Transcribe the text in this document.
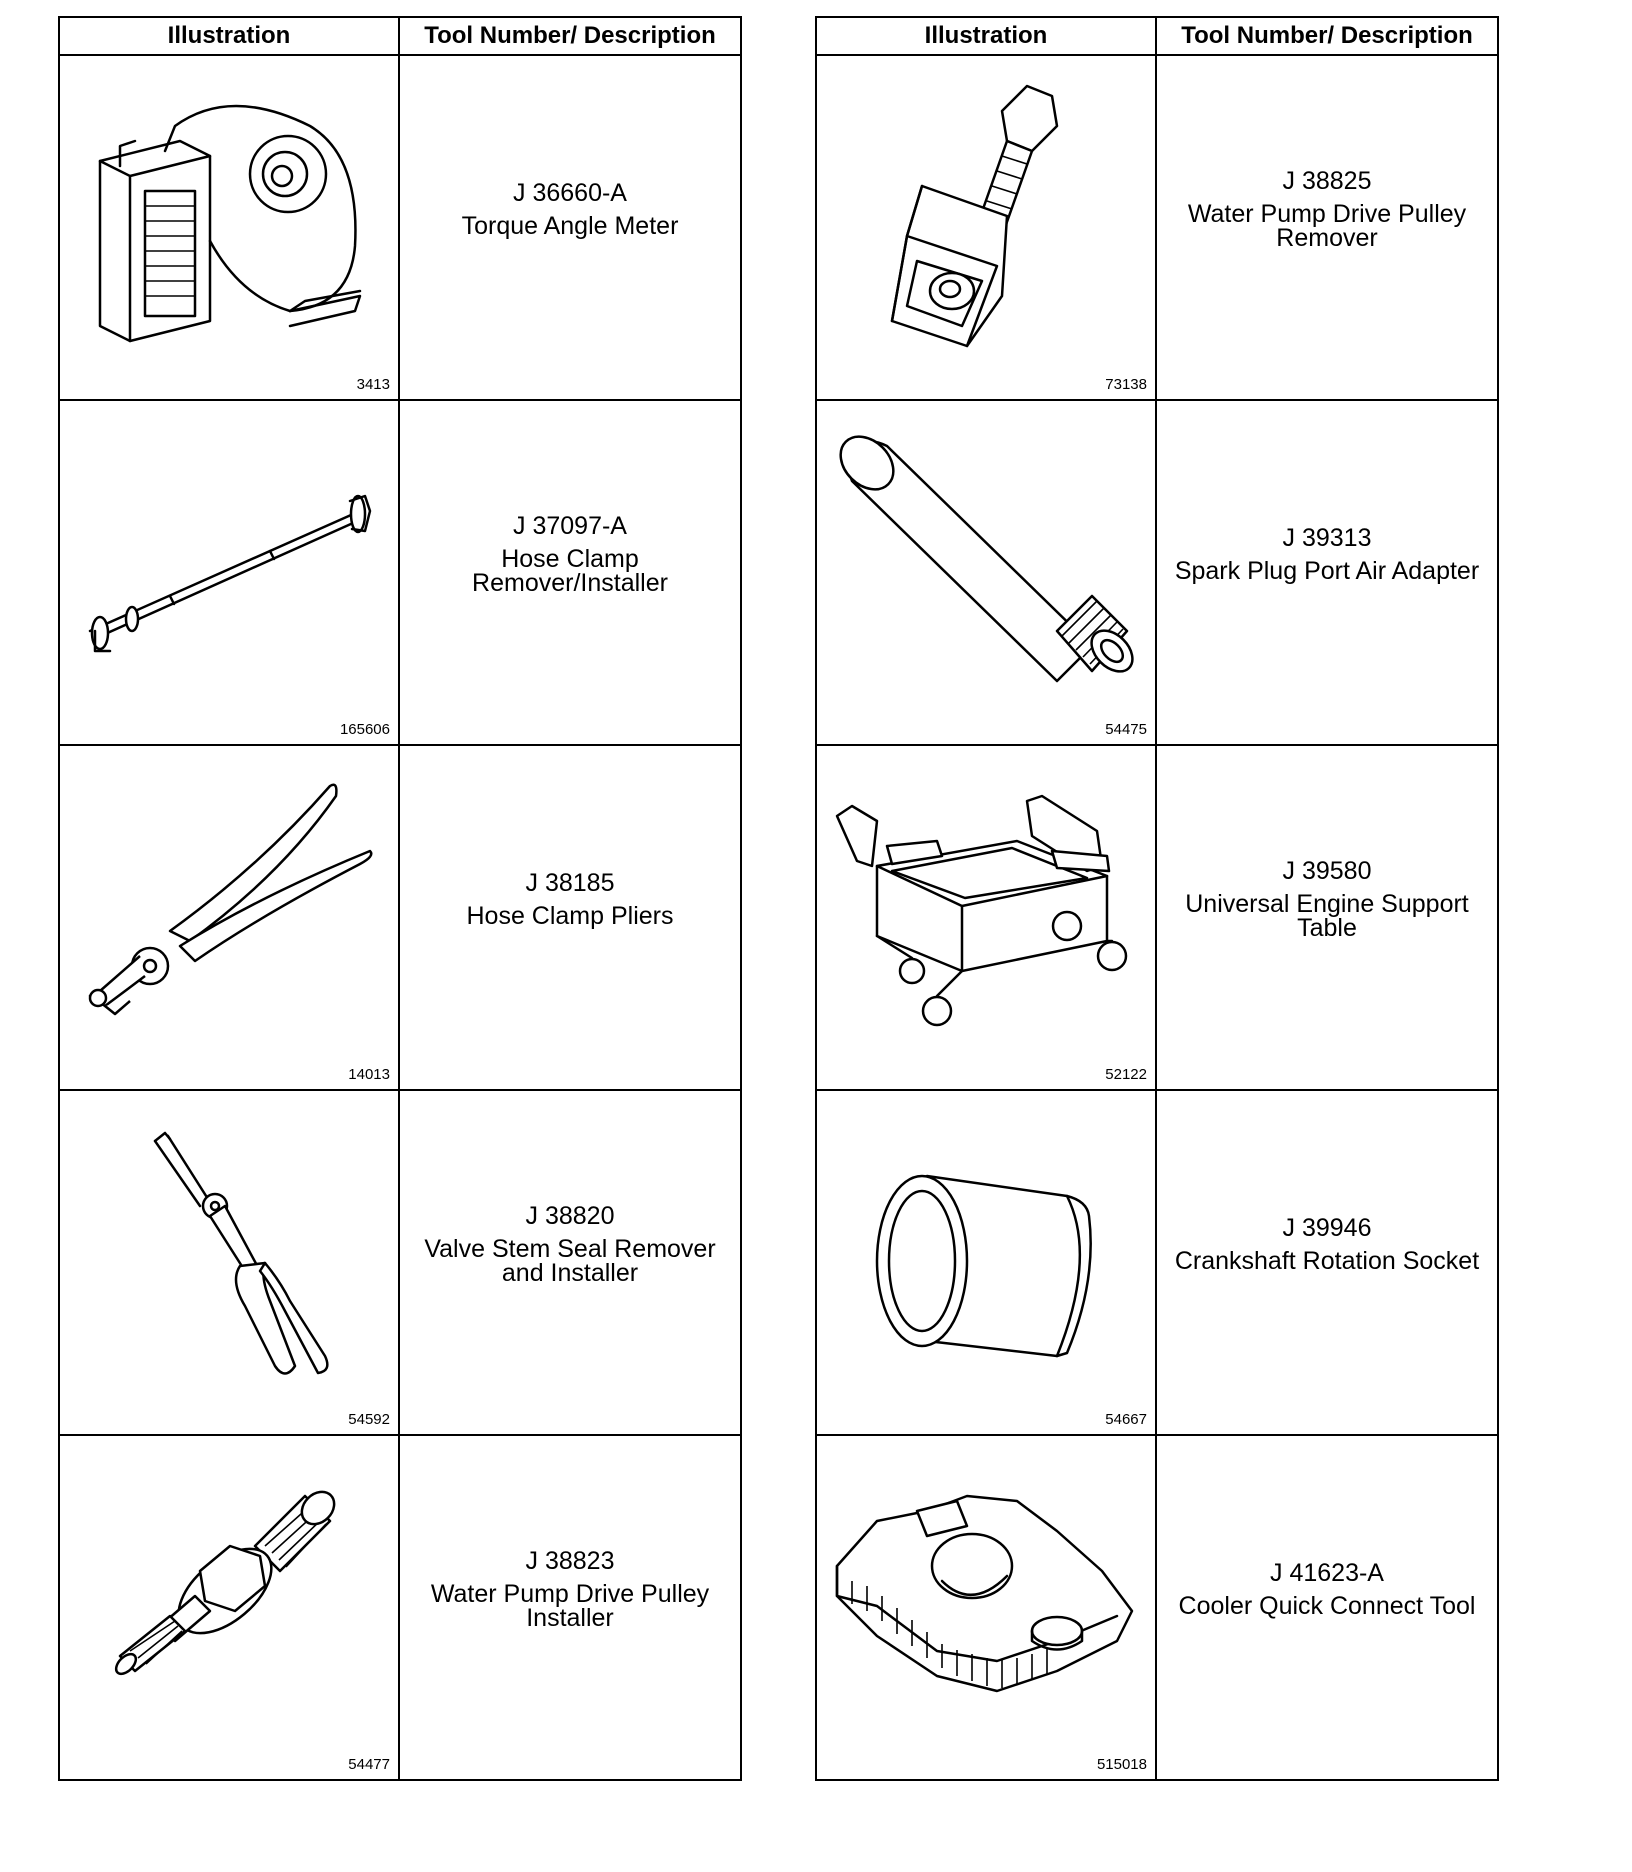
Illustration	Tool Number/ Description

3413	J 36660-A
Torque Angle Meter

165606	J 37097-A
Hose Clamp Remover/Installer

14013	J 38185
Hose Clamp Pliers

54592	J 38820
Valve Stem Seal Remover and Installer

54477	J 38823
Water Pump Drive Pulley Installer
Illustration	Tool Number/ Description

73138	J 38825
Water Pump Drive Pulley Remover

54475	J 39313
Spark Plug Port Air Adapter

52122	J 39580
Universal Engine Support Table

54667	J 39946
Crankshaft Rotation Socket

515018	J 41623-A
Cooler Quick Connect Tool
